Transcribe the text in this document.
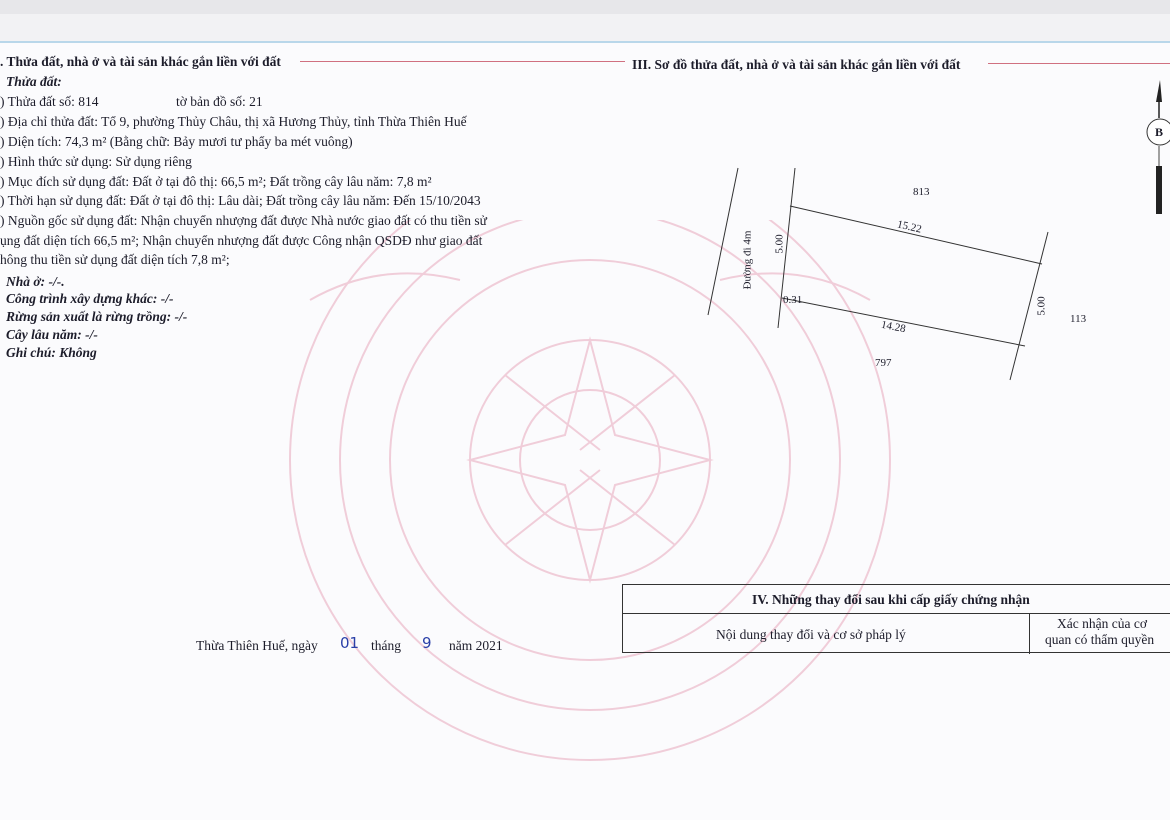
. Thửa đất, nhà ở và tài sản khác gắn liền với đất
Thửa đất:
) Thửa đất số: 814	tờ bản đồ số: 21
) Địa chỉ thửa đất: Tổ 9, phường Thủy Châu, thị xã Hương Thủy, tỉnh Thừa Thiên Huế
) Diện tích: 74,3 m² (Bằng chữ: Bảy mươi tư phẩy ba mét vuông)
) Hình thức sử dụng: Sử dụng riêng
) Mục đích sử dụng đất: Đất ở tại đô thị: 66,5 m²; Đất trồng cây lâu năm: 7,8 m²
) Thời hạn sử dụng đất: Đất ở tại đô thị: Lâu dài; Đất trồng cây lâu năm: Đến 15/10/2043
) Nguồn gốc sử dụng đất: Nhận chuyển nhượng đất được Nhà nước giao đất có thu tiền sử
ụng đất diện tích 66,5 m²; Nhận chuyển nhượng đất được Công nhận QSDĐ như giao đất
hông thu tiền sử dụng đất diện tích 7,8 m²;
Nhà ở: -/-.
Công trình xây dựng khác: -/-
Rừng sản xuất là rừng trồng: -/-
Cây lâu năm: -/-
Ghi chú: Không
Thừa Thiên Huế, ngày 01 tháng 9 năm 2021
III. Sơ đồ thửa đất, nhà ở và tài sản khác gắn liền với đất
B
813
15.22
Đường đi 4m 5.00
5.00
0.31
14.28	113
797
IV. Những thay đổi sau khi cấp giấy chứng nhận
Nội dung thay đổi và cơ sở pháp lý
Xác nhận của cơ
quan có thẩm quyền
